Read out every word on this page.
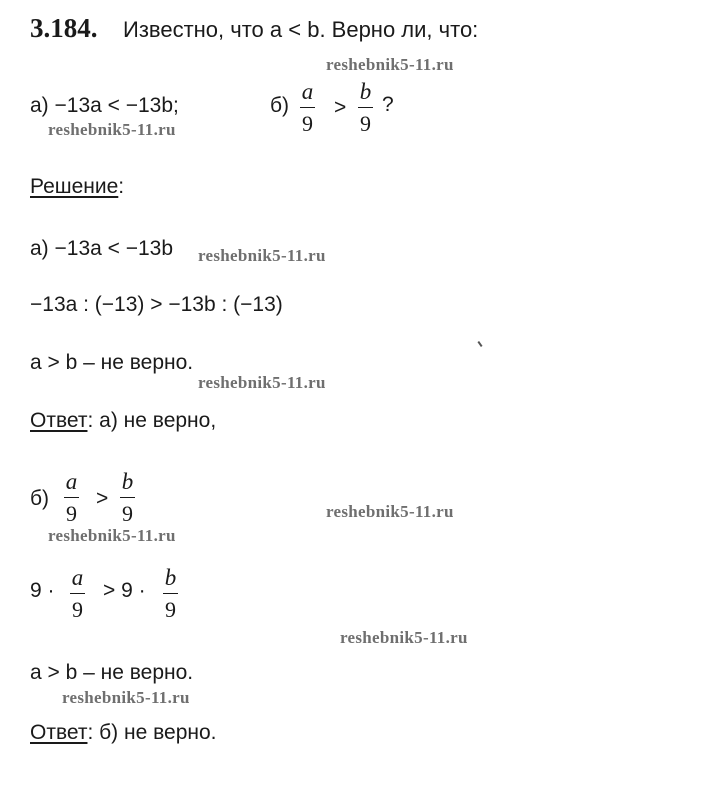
3.184. Известно, что a < b. Верно ли, что:
reshebnik5-11.ru
а) −13a < −13b;
reshebnik5-11.ru
б)
a
9
>
b
9
?
Решение:
а) −13a < −13b reshebnik5-11.ru
−13a : (−13) > −13b : (−13)
a > b – не верно.
reshebnik5-11.ru
Ответ: а) не верно,
б)
a
9
>
b
9	reshebnik5-11.ru
reshebnik5-11.ru
9 ·
a
9
> 9 ·
b
9
reshebnik5-11.ru
a > b – не верно.
reshebnik5-11.ru
Ответ: б) не верно.
